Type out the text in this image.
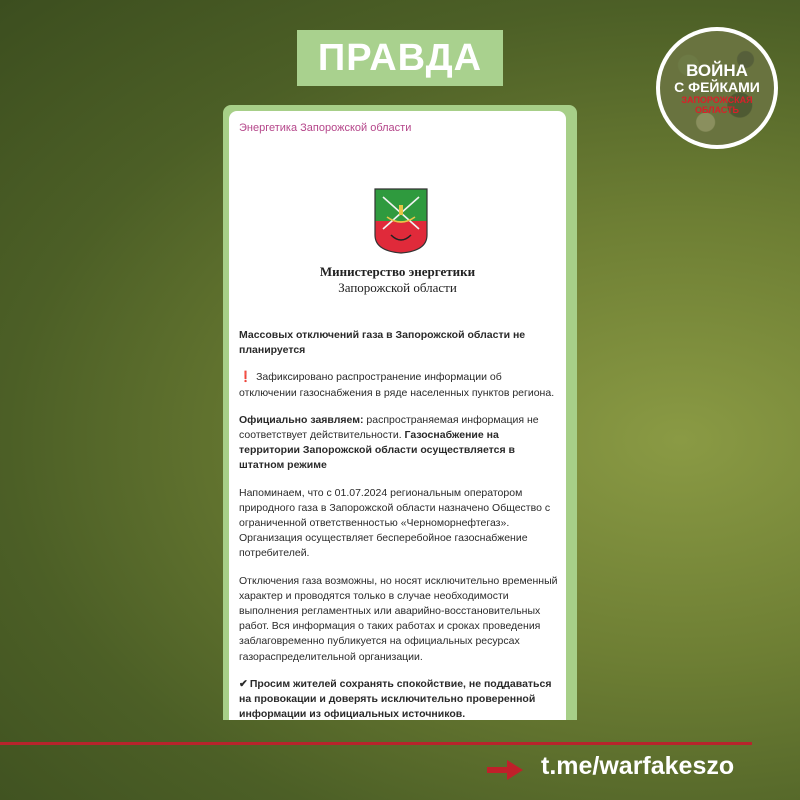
ПРАВДА	ВОЙНА
С ФЕЙКАМИ
ЗАПОРОЖСКАЯ
ОБЛАСТЬ
Энергетика Запорожской области
Министерство энергетики
Запорожской области

Массовых отключений газа в Запорожской области не планируется

❗ Зафиксировано распространение информации об отключении газоснабжения в ряде населенных пунктов региона.

Официально заявляем: распространяемая информация не соответствует действительности. Газоснабжение на территории Запорожской области осуществляется в штатном режиме

Напоминаем, что с 01.07.2024 региональным оператором природного газа в Запорожской области назначено Общество с ограниченной ответственностью «Черноморнефтегаз». Организация осуществляет бесперебойное газоснабжение потребителей.

Отключения газа возможны, но носят исключительно временный характер и проводятся только в случае необходимости выполнения регламентных или аварийно-восстановительных работ. Вся информация о таких работах и сроках проведения заблаговременно публикуется на официальных ресурсах газораспределительной организации.

✔ Просим жителей сохранять спокойствие, не поддаваться на провокации и доверять исключительно проверенной информации из официальных источников.

t.me/warfakeszo
